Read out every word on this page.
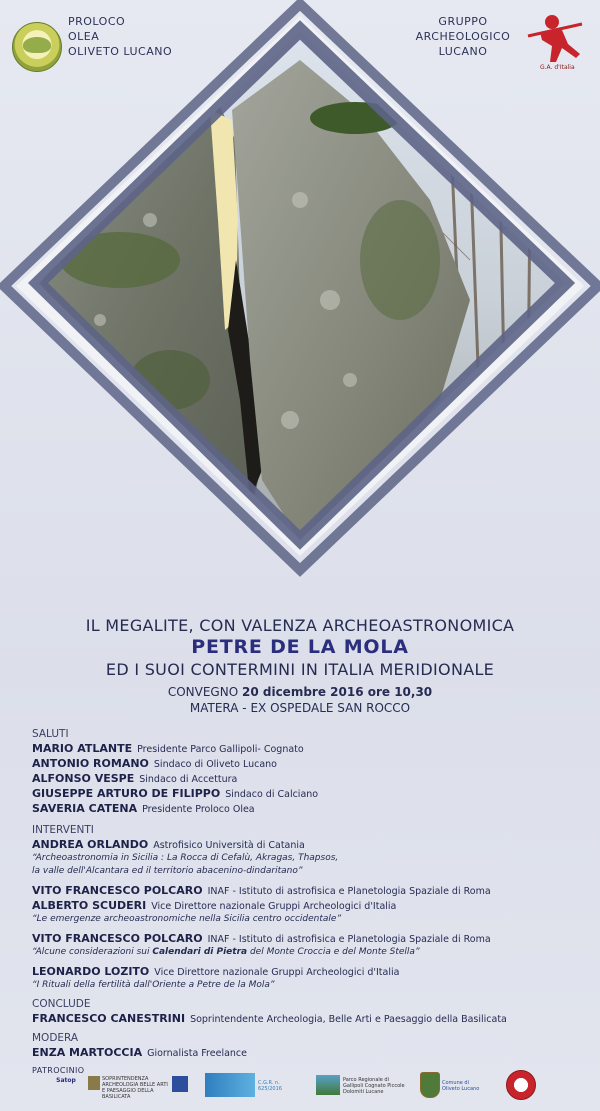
PROLOCO
OLEA
OLIVETO LUCANO
GRUPPO
ARCHEOLOGICO
LUCANO
G.A. d'Italia
IL MEGALITE, CON VALENZA ARCHEOASTRONOMICA
PETRE DE LA MOLA
ED I SUOI CONTERMINI IN ITALIA MERIDIONALE
CONVEGNO 20 dicembre 2016 ore 10,30
MATERA - EX OSPEDALE SAN ROCCO
SALUTI
MARIO ATLANTE Presidente Parco Gallipoli- Cognato
ANTONIO ROMANO Sindaco di Oliveto Lucano
ALFONSO VESPE Sindaco di Accettura
GIUSEPPE ARTURO DE FILIPPO Sindaco di Calciano
SAVERIA CATENA Presidente Proloco Olea
INTERVENTI
ANDREA ORLANDO Astrofisico Università di Catania
“Archeoastronomia in Sicilia : La Rocca di Cefalù, Akragas, Thapsos,
la valle dell'Alcantara ed il territorio abacenino-dindaritano”
VITO FRANCESCO POLCARO INAF - Istituto di astrofisica e Planetologia Spaziale di Roma
ALBERTO SCUDERI Vice Direttore nazionale Gruppi Archeologici d'Italia
“Le emergenze archeoastronomiche nella Sicilia centro occidentale”
VITO FRANCESCO POLCARO INAF - Istituto di astrofisica e Planetologia Spaziale di Roma
“Alcune considerazioni sui Calendari di Pietra del Monte Croccia e del Monte Stella”
LEONARDO LOZITO Vice Direttore nazionale Gruppi Archeologici d'Italia
“I Rituali della fertilità dall'Oriente a Petre de la Mola”
CONCLUDE
FRANCESCO CANESTRINI Soprintendente Archeologia, Belle Arti e Paesaggio della Basilicata
MODERA
ENZA MARTOCCIA Giornalista Freelance
PATROCINIO
Satop	SOPRINTENDENZA ARCHEOLOGIA BELLE ARTI E PAESAGGIO DELLA BASILICATA
C.G.R. n. 625/2016
Parco Regionale di Gallipoli Cognato Piccole Dolomiti Lucane
Comune di Oliveto Lucano
